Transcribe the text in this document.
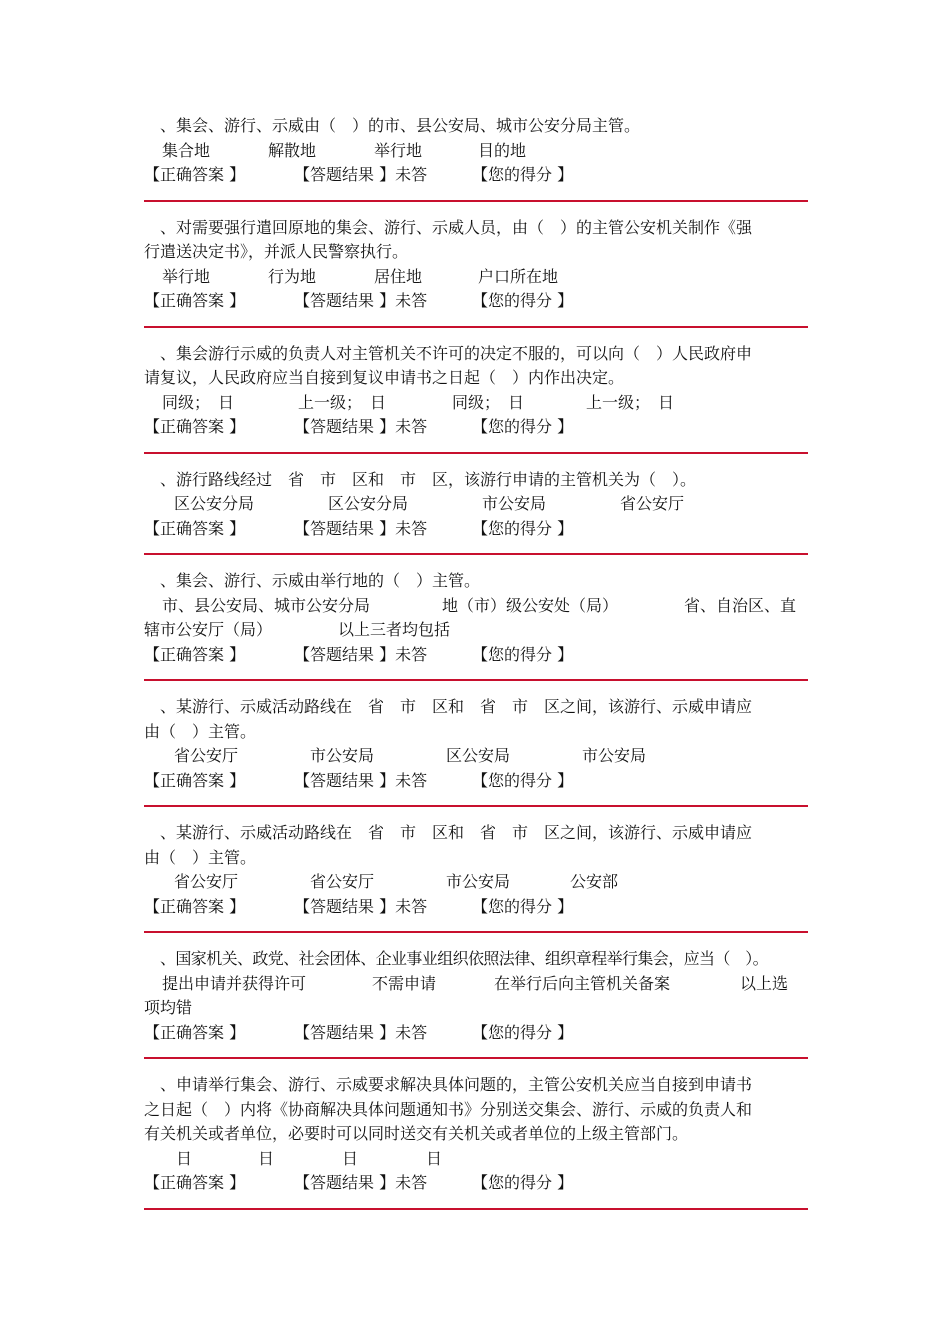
、集会、游行、示威由（　）的市、县公安局、城市公安分局主管。
集合地	解散地	举行地	目的地
【正确答案 】	【答题结果 】未答	【您的得分 】
、对需要强行遣回原地的集会、游行、示威人员，由（　）的主管公安机关制作《强
行遣送决定书》，并派人民警察执行。
举行地	行为地	居住地	户口所在地
【正确答案 】	【答题结果 】未答	【您的得分 】
、集会游行示威的负责人对主管机关不许可的决定不服的，可以向（　）人民政府申
请复议，人民政府应当自接到复议申请书之日起（　）内作出决定。
同级；　日	上一级；　日	同级；　日	上一级；　日
【正确答案 】	【答题结果 】未答	【您的得分 】
、游行路线经过　省　市　区和　市　区，该游行申请的主管机关为（　）。
区公安分局	区公安分局	市公安局	省公安厅
【正确答案 】	【答题结果 】未答	【您的得分 】
、集会、游行、示威由举行地的（　）主管。
市、县公安局、城市公安分局	地（市）级公安处（局）	省、自治区、直
辖市公安厅（局）	以上三者均包括
【正确答案 】	【答题结果 】未答	【您的得分 】
、某游行、示威活动路线在　省　市　区和　省　市　区之间，该游行、示威申请应
由（　）主管。
省公安厅	市公安局	区公安局	市公安局
【正确答案 】	【答题结果 】未答	【您的得分 】
、某游行、示威活动路线在　省　市　区和　省　市　区之间，该游行、示威申请应
由（　）主管。
省公安厅	省公安厅	市公安局	公安部
【正确答案 】	【答题结果 】未答	【您的得分 】
、国家机关、政党、社会团体、企业事业组织依照法律、组织章程举行集会，应当（　）。
提出申请并获得许可	不需申请	在举行后向主管机关备案	以上选
项均错
【正确答案 】	【答题结果 】未答	【您的得分 】
、申请举行集会、游行、示威要求解决具体问题的，主管公安机关应当自接到申请书
之日起（　）内将《协商解决具体问题通知书》分别送交集会、游行、示威的负责人和
有关机关或者单位，必要时可以同时送交有关机关或者单位的上级主管部门。
日	日	日	日
【正确答案 】	【答题结果 】未答	【您的得分 】
